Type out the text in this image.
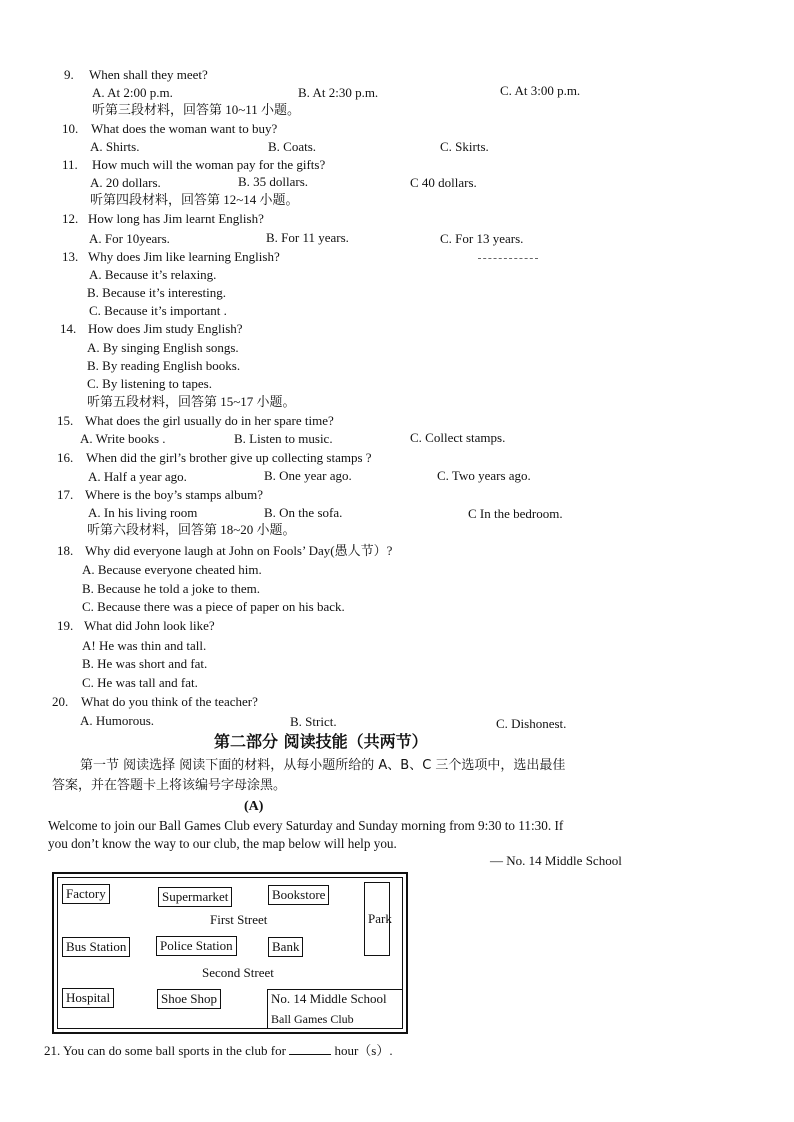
9. When shall they meet?
A. At 2:00 p.m.	B. At 2:30 p.m.	C. At 3:00 p.m.
听第三段材料，回答第 10~11 小题。
10. What does the woman want to buy?
A. Shirts.	B. Coats.	C. Skirts.
11. How much will the woman pay for the gifts?
A. 20 dollars.	B. 35 dollars.	C 40 dollars.
听第四段材料，回答第 12~14 小题。
12. How long has Jim learnt English?
A. For 10years.	B. For 11 years.	C. For 13 years.
13. Why does Jim like learning English?
A. Because it’s relaxing.
B. Because it’s interesting.
C. Because it’s important .
14. How does Jim study English?
A. By singing English songs.
B. By reading English books.
C. By listening to tapes.
听第五段材料，回答第 15~17 小题。
15. What does the girl usually do in her spare time?
A. Write books .	B. Listen to music.	C. Collect stamps.
16. When did the girl’s brother give up collecting stamps ?
A. Half a year ago.	B. One year ago.	C. Two years ago.
17. Where is the boy’s stamps album?
A. In his living room	B. On the sofa.	C In the bedroom.
听第六段材料，回答第 18~20 小题。
18. Why did everyone laugh at John on Fools’ Day(愚人节）?
A. Because everyone cheated him.
B. Because he told a joke to them.
C. Because there was a piece of paper on his back.
19. What did John look like?
A! He was thin and tall.
B. He was short and fat.
C. He was tall and fat.
20. What do you think of the teacher?
A. Humorous.	B. Strict.	C. Dishonest.
第二部分 阅读技能（共两节）
第一节 阅读选择 阅读下面的材料，从每小题所给的 A、B、C 三个选项中，选出最佳
答案，并在答题卡上将该编号字母涂黑。
(A)
Welcome to join our Ball Games Club every Saturday and Sunday morning from 9:30 to 11:30. If
you don’t know the way to our club, the map below will help you.
— No. 14 Middle School
Factory	Supermarket	Bookstore
Park
First Street
Bus Station	Police Station	Bank
Second Street
Hospital	Shoe Shop	No. 14 Middle School
Ball Games Club
21. You can do some ball sports in the club for	hour（s）.
